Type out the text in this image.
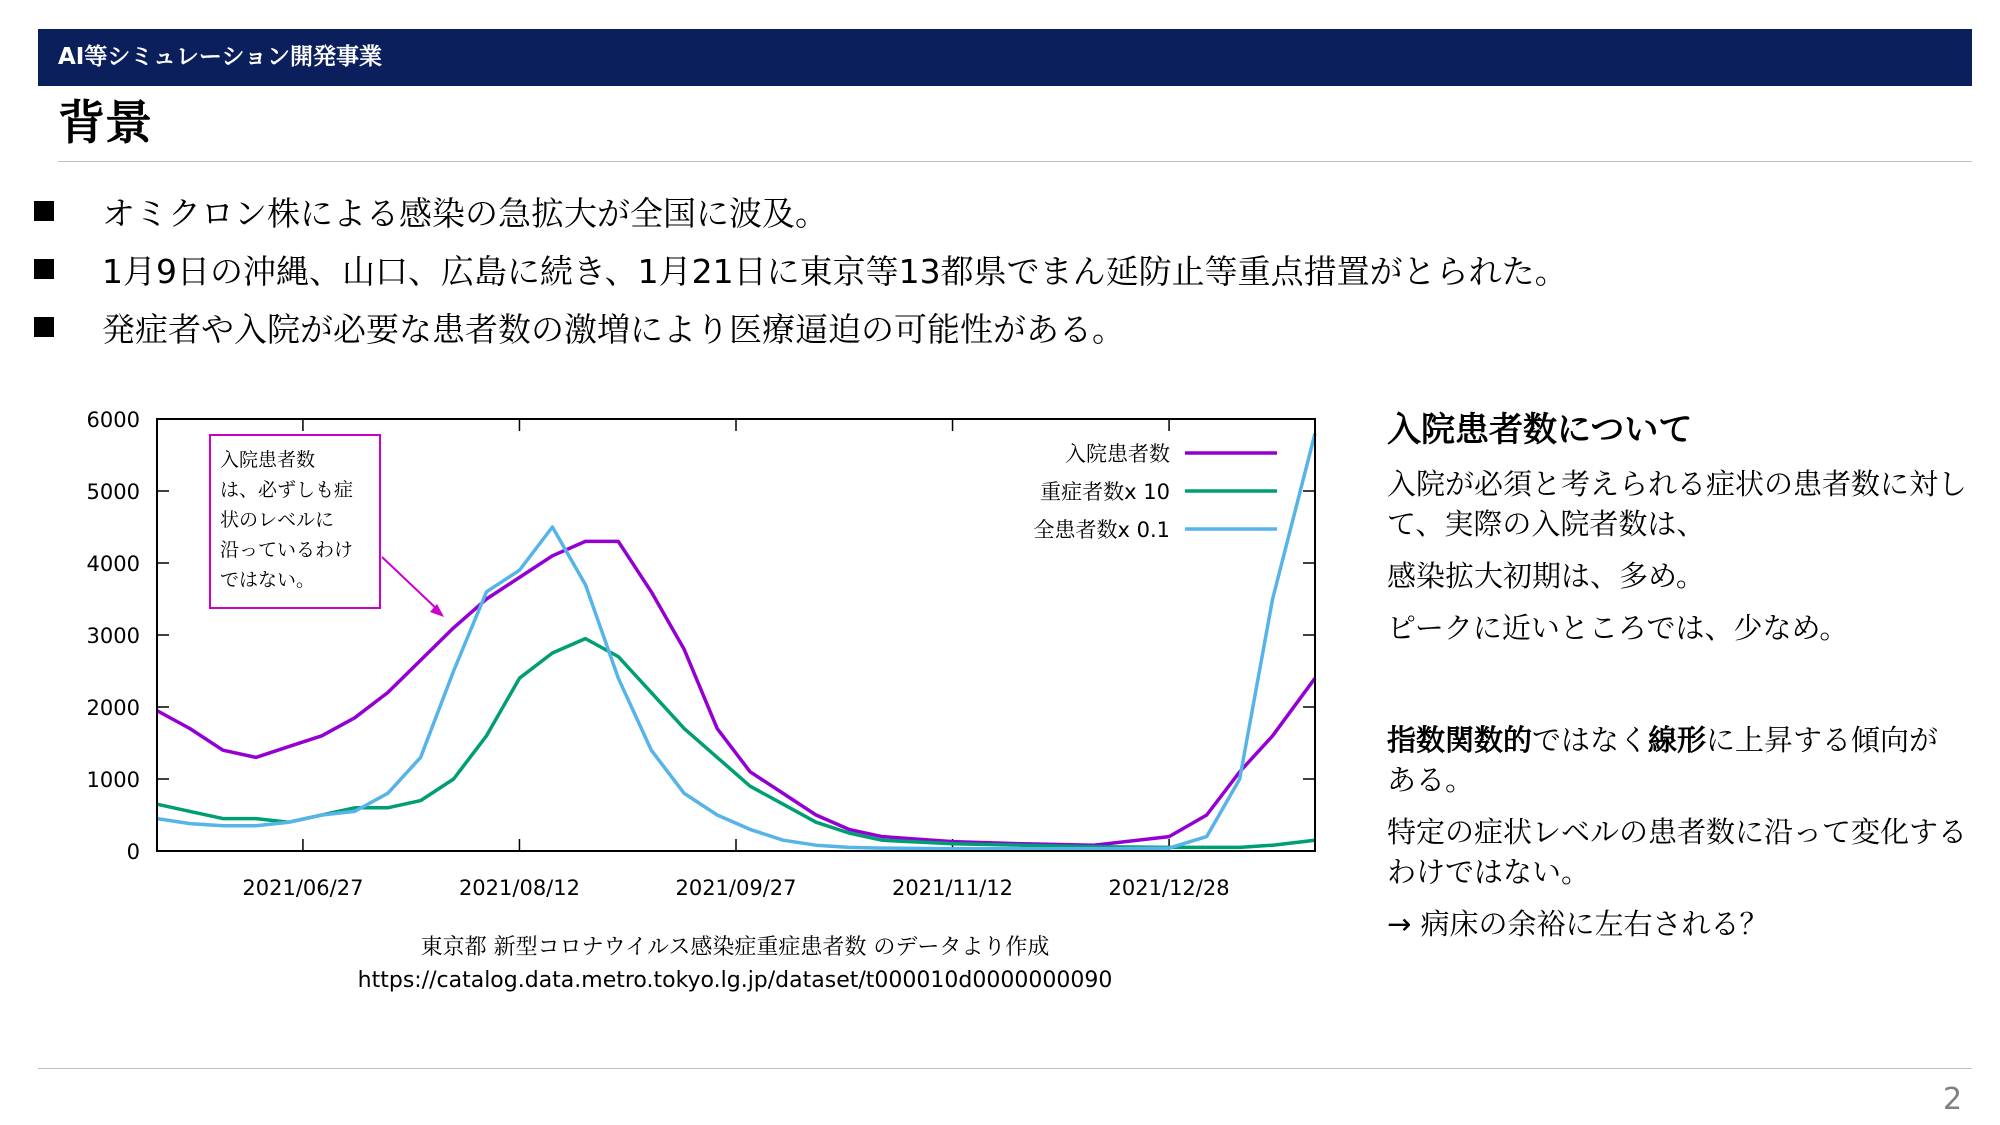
AI等シミュレーション開発事業
背景
オミクロン株による感染の急拡大が全国に波及。
1月9日の沖縄、山口、広島に続き、1月21日に東京等13都県でまん延防止等重点措置がとられた。
発症者や入院が必要な患者数の激増により医療逼迫の可能性がある。
0
1000
2000
3000
4000
5000
6000
2021/06/27	2021/08/12	2021/09/27	2021/11/12	2021/12/28
入院患者数
重症者数x 10
全患者数x 0.1
入院患者数は、必ずしも症状のレベルに沿っているわけではない。
東京都 新型コロナウイルス感染症重症患者数 のデータより作成
https://catalog.data.metro.tokyo.lg.jp/dataset/t000010d0000000090
入院患者数について
入院が必須と考えられる症状の患者数に対して、実際の入院者数は、
感染拡大初期は、多め。
ピークに近いところでは、少なめ。
指数関数的ではなく線形に上昇する傾向がある。
特定の症状レベルの患者数に沿って変化するわけではない。
→ 病床の余裕に左右される？
2
